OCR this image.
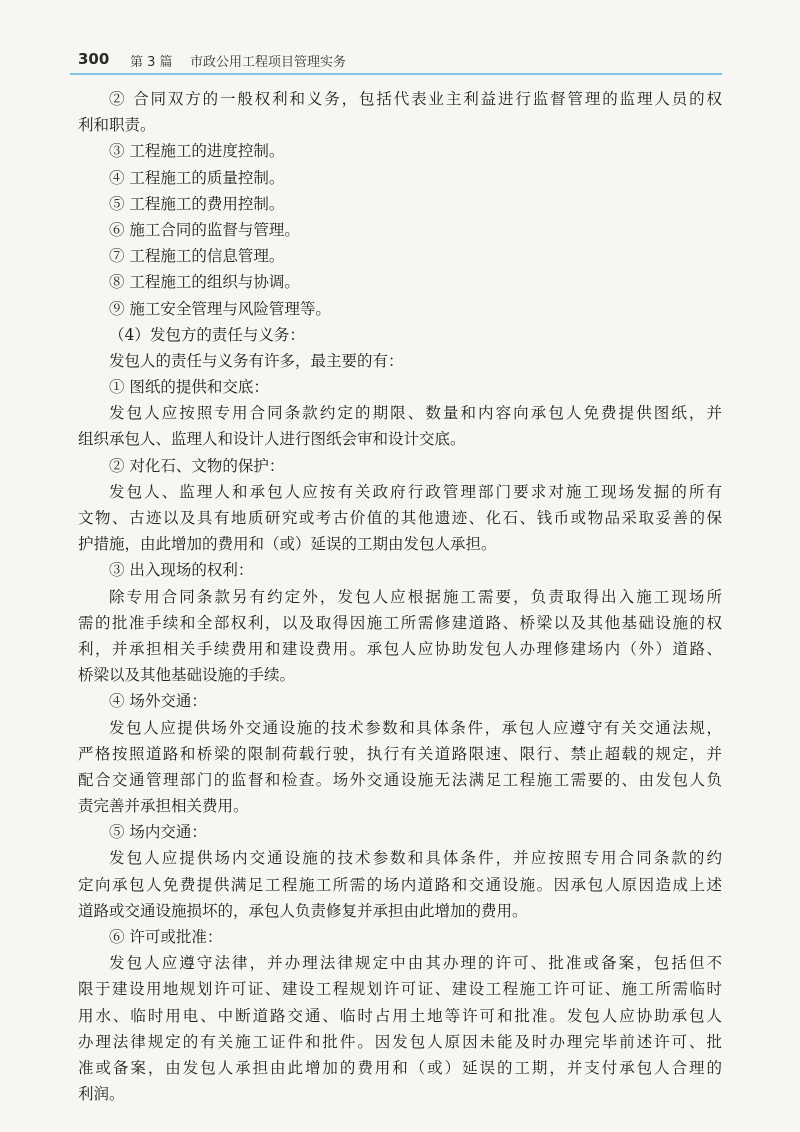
300 第 3 篇 市政公用工程项目管理实务
② 合同双方的一般权利和义务，包括代表业主利益进行监督管理的监理人员的权
利和职责。
③ 工程施工的进度控制。
④ 工程施工的质量控制。
⑤ 工程施工的费用控制。
⑥ 施工合同的监督与管理。
⑦ 工程施工的信息管理。
⑧ 工程施工的组织与协调。
⑨ 施工安全管理与风险管理等。
（4）发包方的责任与义务：
发包人的责任与义务有许多，最主要的有：
① 图纸的提供和交底：
发包人应按照专用合同条款约定的期限、数量和内容向承包人免费提供图纸，并
组织承包人、监理人和设计人进行图纸会审和设计交底。
② 对化石、文物的保护：
发包人、监理人和承包人应按有关政府行政管理部门要求对施工现场发掘的所有
文物、古迹以及具有地质研究或考古价值的其他遗迹、化石、钱币或物品采取妥善的保
护措施，由此增加的费用和（或）延误的工期由发包人承担。
③ 出入现场的权利：
除专用合同条款另有约定外，发包人应根据施工需要，负责取得出入施工现场所
需的批准手续和全部权利，以及取得因施工所需修建道路、桥梁以及其他基础设施的权
利，并承担相关手续费用和建设费用。承包人应协助发包人办理修建场内（外）道路、
桥梁以及其他基础设施的手续。
④ 场外交通：
发包人应提供场外交通设施的技术参数和具体条件，承包人应遵守有关交通法规，
严格按照道路和桥梁的限制荷载行驶，执行有关道路限速、限行、禁止超载的规定，并
配合交通管理部门的监督和检查。场外交通设施无法满足工程施工需要的、由发包人负
责完善并承担相关费用。
⑤ 场内交通：
发包人应提供场内交通设施的技术参数和具体条件，并应按照专用合同条款的约
定向承包人免费提供满足工程施工所需的场内道路和交通设施。因承包人原因造成上述
道路或交通设施损坏的，承包人负责修复并承担由此增加的费用。
⑥ 许可或批准：
发包人应遵守法律，并办理法律规定中由其办理的许可、批准或备案，包括但不
限于建设用地规划许可证、建设工程规划许可证、建设工程施工许可证、施工所需临时
用水、临时用电、中断道路交通、临时占用土地等许可和批准。发包人应协助承包人
办理法律规定的有关施工证件和批件。因发包人原因未能及时办理完毕前述许可、批
准或备案，由发包人承担由此增加的费用和（或）延误的工期，并支付承包人合理的
利润。
